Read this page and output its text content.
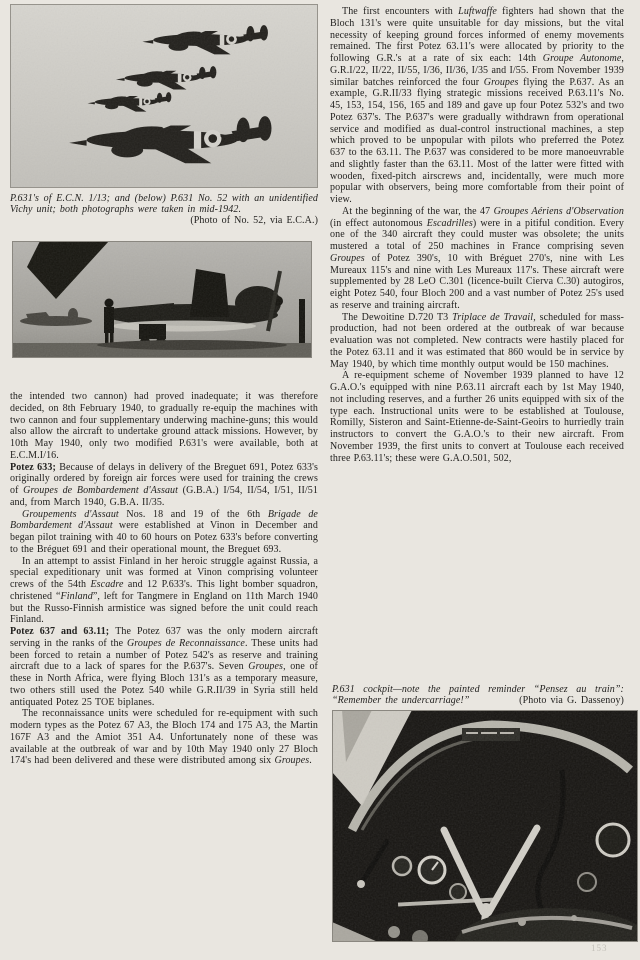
P.631's of E.C.N. 1/13; and (below) P.631 No. 52 with an unidentified Vichy unit; both photographs were taken in mid-1942.
(Photo of No. 52, via E.C.A.)

the intended two cannon) had proved inadequate; it was therefore decided, on 8th February 1940, to gradually re-equip the machines with two cannon and four supplementary underwing machine-guns; this would also allow the aircraft to undertake ground attack missions. However, by 10th May 1940, only two modified P.631's were available, both at E.C.M.I/16.

Potez 633; Because of delays in delivery of the Breguet 691, Potez 633's originally ordered by foreign air forces were used for training the crews of Groupes de Bombardement d'Assaut (G.B.A.) I/54, II/54, I/51, II/51 and, from March 1940, G.B.A. II/35.

Groupements d'Assaut Nos. 18 and 19 of the 6th Brigade de Bombardement d'Assaut were established at Vinon in December and began pilot training with 40 to 60 hours on Potez 633's before converting to the Bréguet 691 and their operational mount, the Breguet 693.

In an attempt to assist Finland in her heroic struggle against Russia, a special expeditionary unit was formed at Vinon comprising volunteer crews of the 54th Escadre and 12 P.633's. This light bomber squadron, christened “Finland”, left for Tangmere in England on 11th March 1940 but the Russo-Finnish armistice was signed before the unit could reach Finland.

Potez 637 and 63.11; The Potez 637 was the only modern aircraft serving in the ranks of the Groupes de Reconnaissance. These units had been forced to retain a number of Potez 542's as reserve and training aircraft due to a lack of spares for the P.637's. Seven Groupes, one of these in North Africa, were flying Bloch 131's as a temporary measure, two others still used the Potez 540 while G.R.II/39 in Syria still held antiquated Potez 25 TOE biplanes.

The reconnaissance units were scheduled for re-equipment with such modern types as the Potez 67 A3, the Bloch 174 and 175 A3, the Martin 167F A3 and the Amiot 351 A4. Unfortunately none of these was available at the outbreak of war and by 10th May 1940 only 27 Bloch 174's had been delivered and these were distributed among six Groupes.

The first encounters with Luftwaffe fighters had shown that the Bloch 131's were quite unsuitable for day missions, but the vital necessity of keeping ground forces informed of enemy movements remained. The first Potez 63.11's were allocated by priority to the following G.R.'s at a rate of six each: 14th Groupe Autonome, G.R.I/22, II/22, II/55, I/36, II/36, I/35 and I/55. From November 1939 similar batches reinforced the four Groupes flying the P.637. As an example, G.R.II/33 flying strategic missions received P.63.11's No. 45, 153, 154, 156, 165 and 189 and gave up four Potez 532's and two Potez 637's. The P.637's were gradually withdrawn from operational service and modified as dual-control instructional machines, a step which proved to be unpopular with pilots who preferred the Potez 637 to the 63.11. The P.637 was considered to be more manoeuvrable and slightly faster than the 63.11. Most of the latter were fitted with wooden, fixed-pitch airscrews and, incidentally, were much more popular with observers, being more comfortable from their point of view.

At the beginning of the war, the 47 Groupes Aériens d'Observation (in effect autonomous Escadrilles) were in a pitiful condition. Every one of the 340 aircraft they could muster was obsolete; the units mustered a total of 250 machines in France comprising seven Groupes of Potez 390's, 10 with Bréguet 270's, nine with Les Mureaux 115's and nine with Les Mureaux 117's. These aircraft were supplemented by 28 LeO C.301 (licence-built Cierva C.30) autogiros, eight Potez 540, four Bloch 200 and a vast number of Potez 25's used as reserve and training aircraft.

The Dewoitine D.720 T3 Triplace de Travail, scheduled for mass-production, had not been ordered at the outbreak of war because evaluation was not completed. New contracts were hastily placed for the Potez 63.11 and it was estimated that 860 would be in service by May 1940, by which time monthly output would be 150 machines.

A re-equipment scheme of November 1939 planned to have 12 G.A.O.'s equipped with nine P.63.11 aircraft each by 1st May 1940, not including reserves, and a further 26 units equipped with six of the type each. Instructional units were to be established at Toulouse, Romilly, Sisteron and Saint-Etienne-de-Saint-Geoirs to hurriedly train instructors to convert the G.A.O.'s to their new aircraft. From November 1939, the first units to convert at Toulouse each received three P.63.11's; these were G.A.O.501, 502,

P.631 cockpit—note the painted reminder “Pensez au train”: “Remember the undercarriage!”	(Photo via G. Dassenoy)
153
